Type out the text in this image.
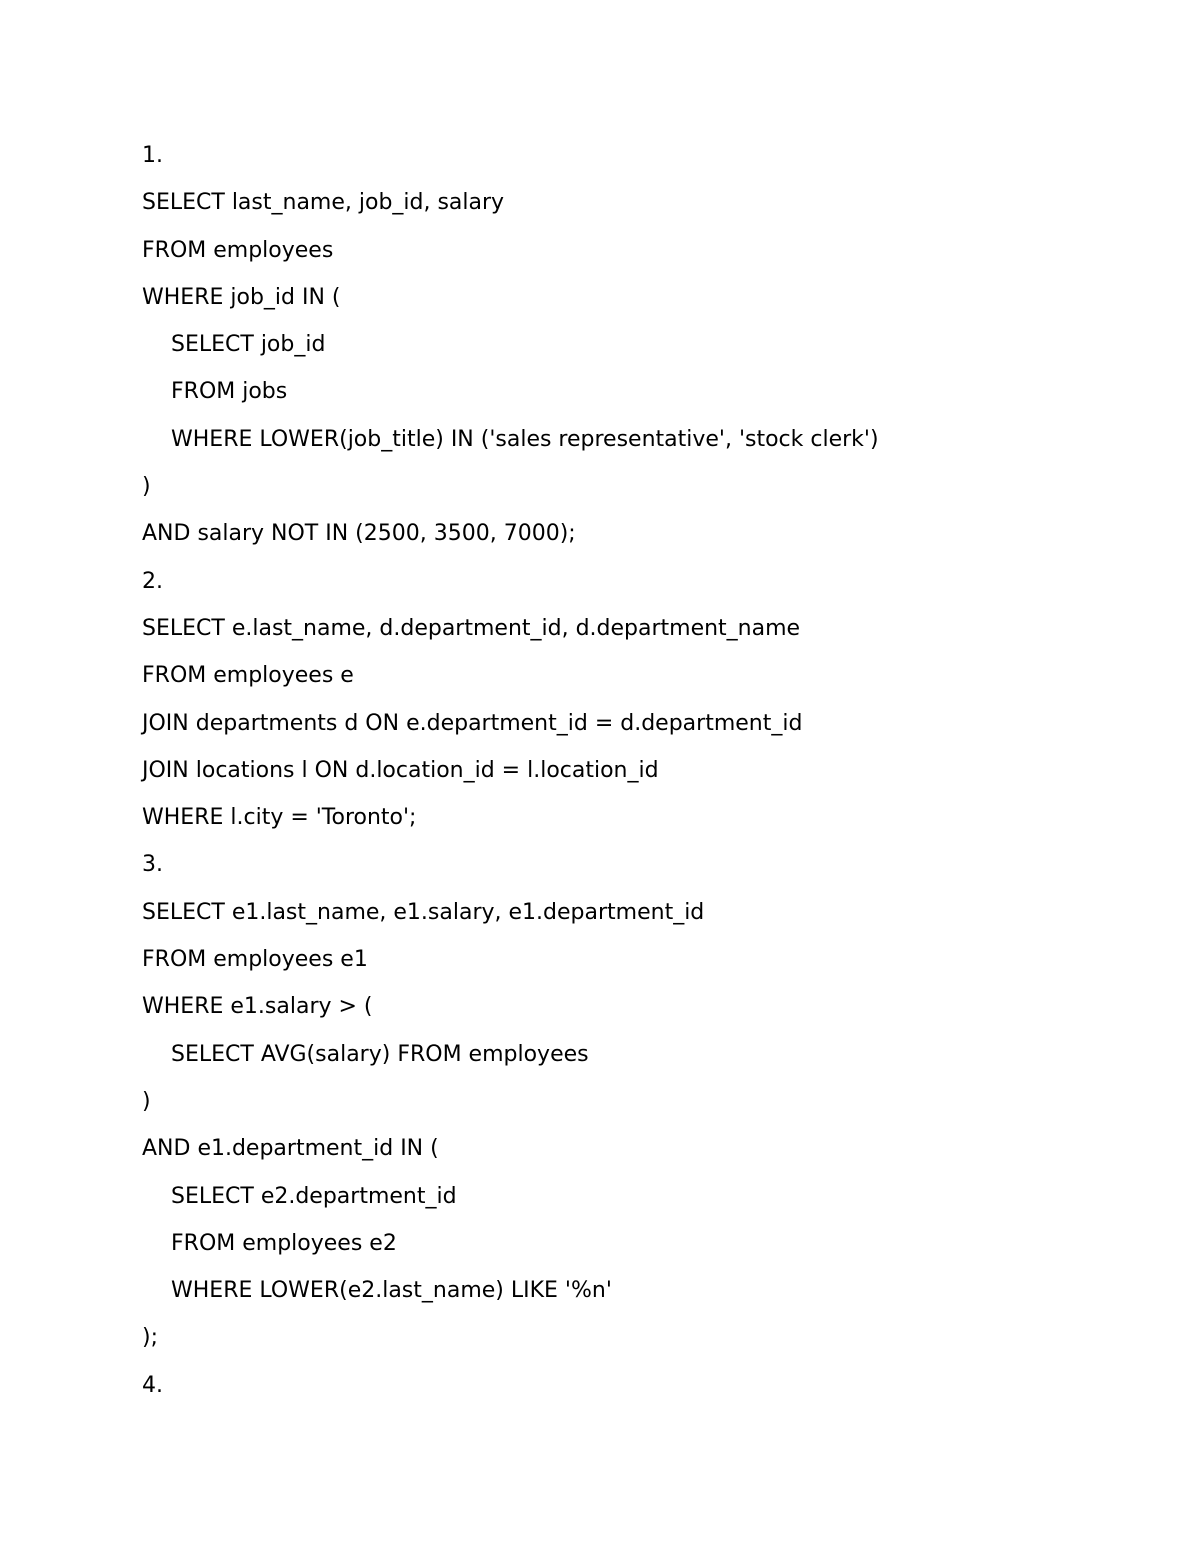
1.
SELECT last_name, job_id, salary
FROM employees
WHERE job_id IN (
SELECT job_id
FROM jobs
WHERE LOWER(job_title) IN ('sales representative', 'stock clerk')
)
AND salary NOT IN (2500, 3500, 7000);
2.
SELECT e.last_name, d.department_id, d.department_name
FROM employees e
JOIN departments d ON e.department_id = d.department_id
JOIN locations l ON d.location_id = l.location_id
WHERE l.city = 'Toronto';
3.
SELECT e1.last_name, e1.salary, e1.department_id
FROM employees e1
WHERE e1.salary > (
SELECT AVG(salary) FROM employees
)
AND e1.department_id IN (
SELECT e2.department_id
FROM employees e2
WHERE LOWER(e2.last_name) LIKE '%n'
);
4.
